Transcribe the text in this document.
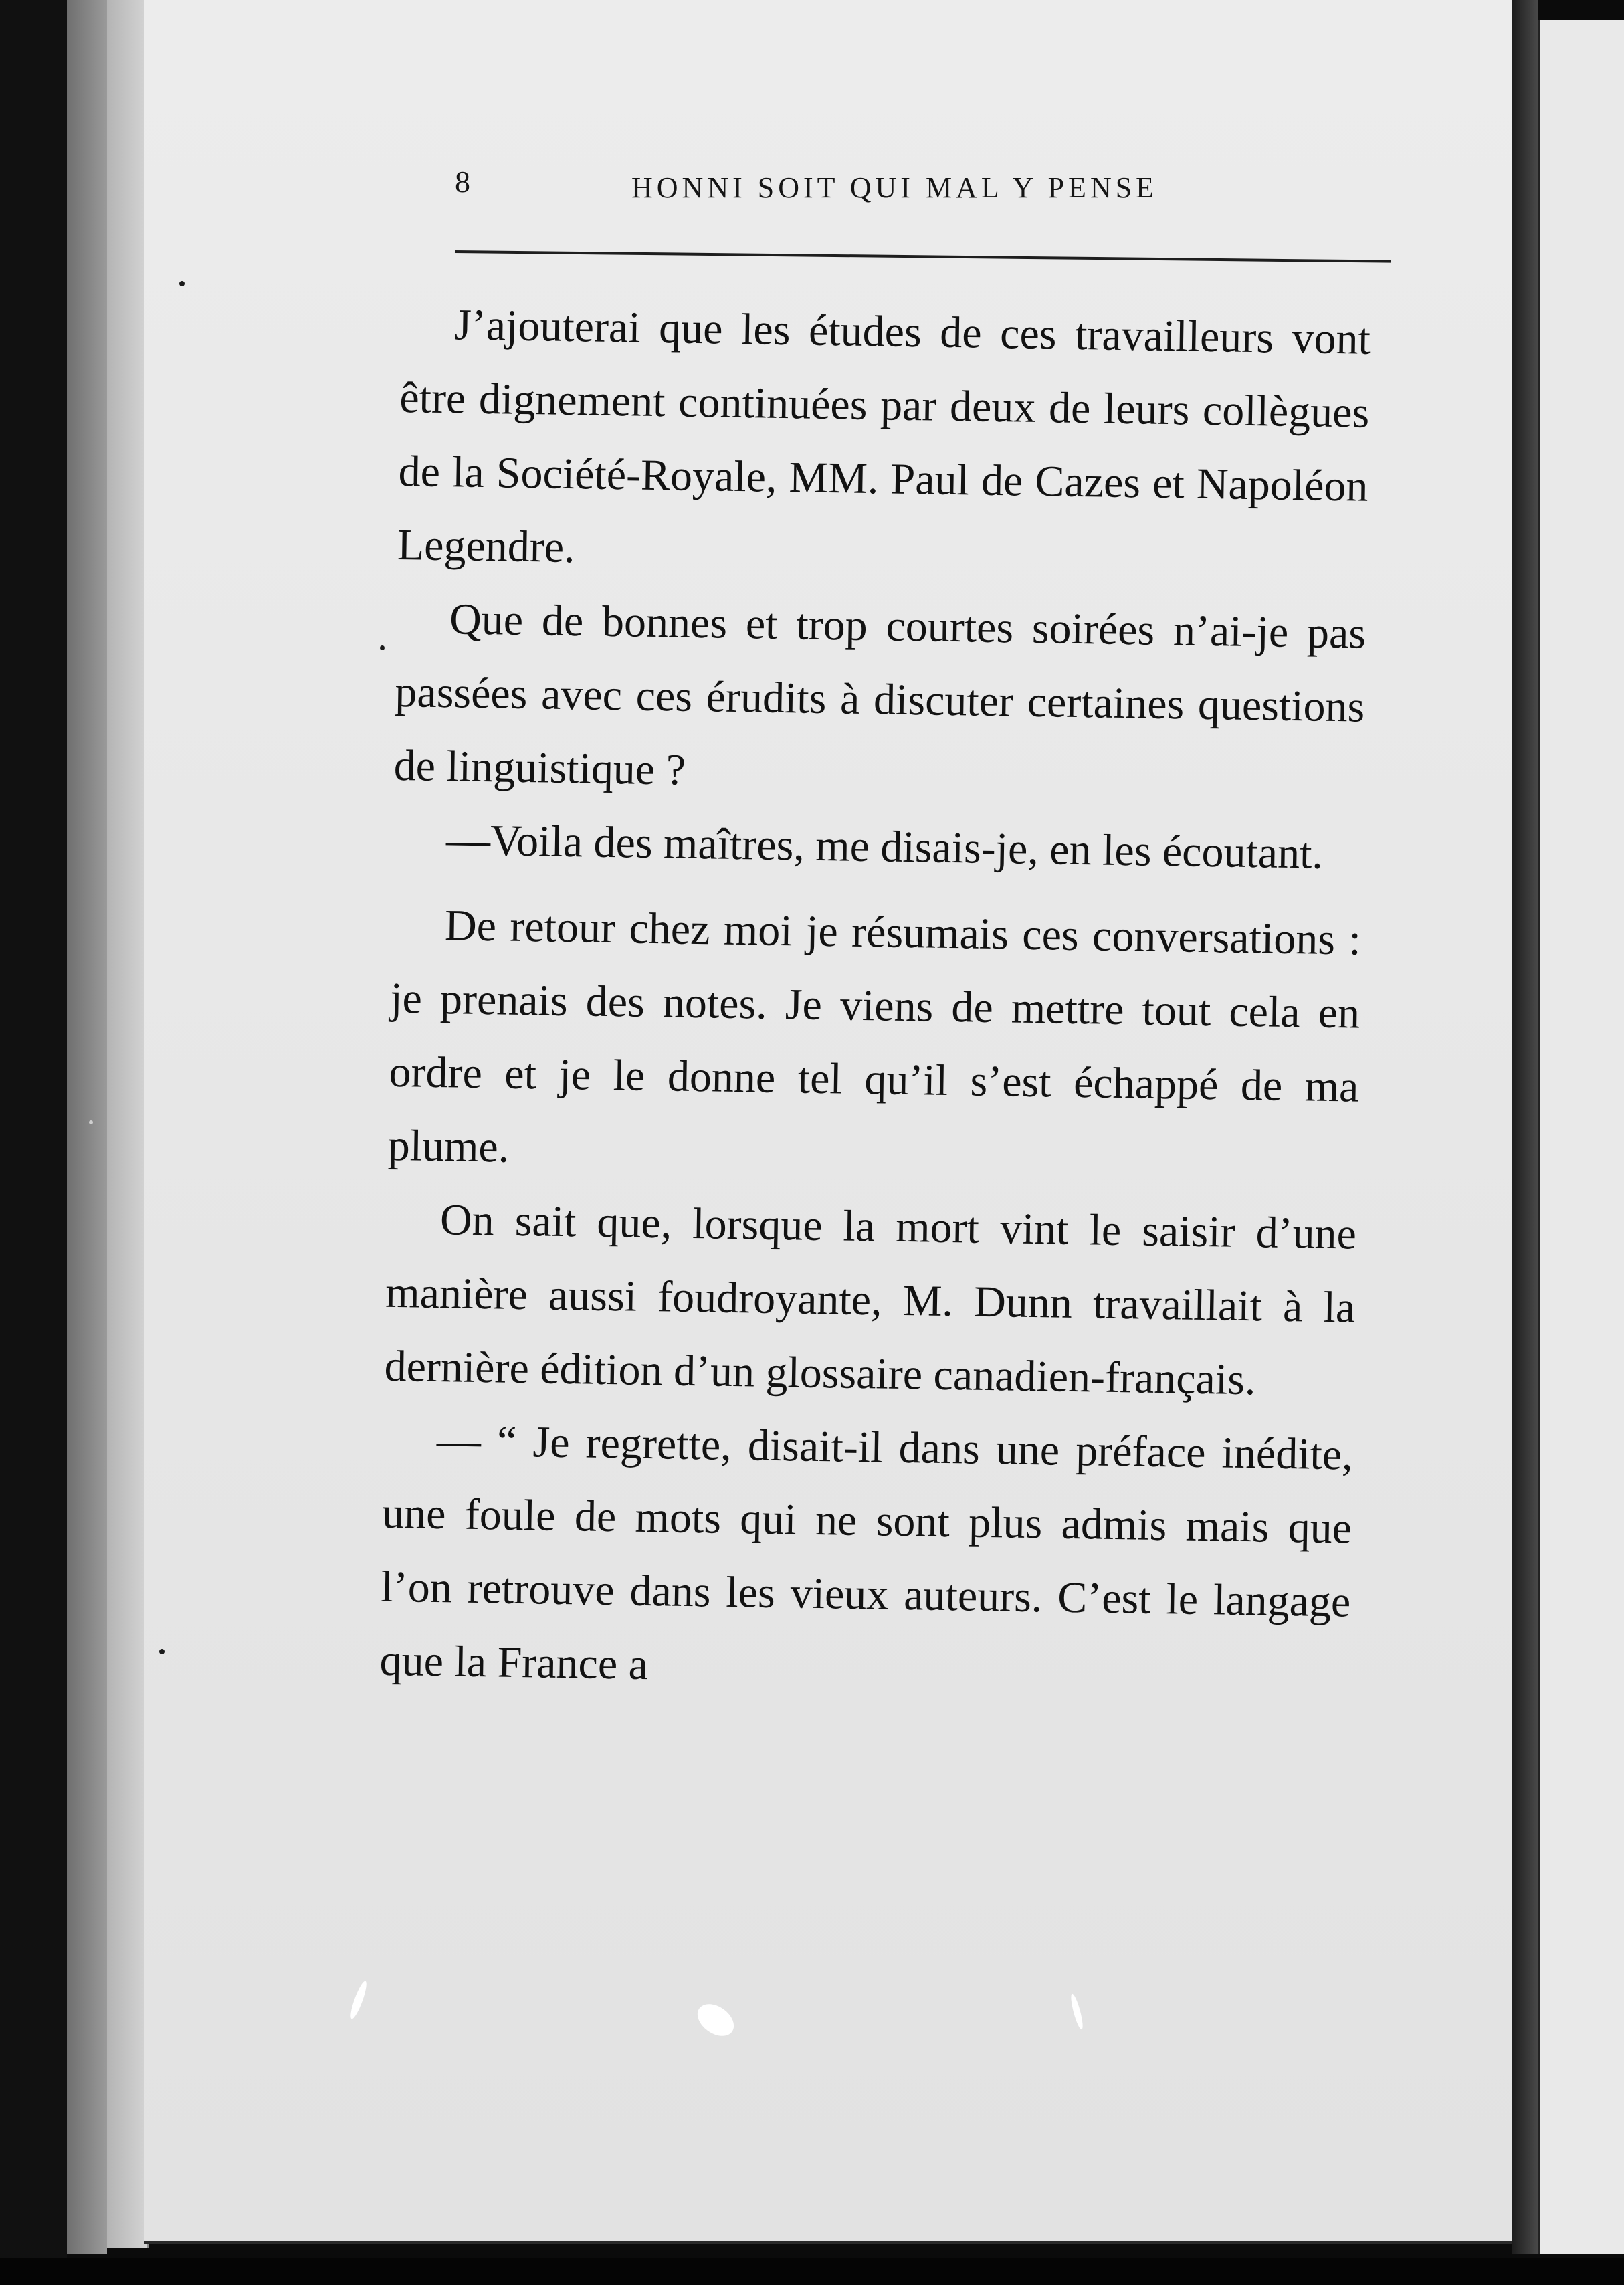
8	HONNI SOIT QUI MAL Y PENSE

J’ajouterai que les études de ces travailleurs vont être dignement continuées par deux de leurs collègues de la Société-Royale, MM. Paul de Cazes et Napoléon Legendre.

Que de bonnes et trop courtes soirées n’ai-je pas passées avec ces érudits à discuter certaines questions de linguistique ?

—Voila des maîtres, me disais-je, en les écoutant.

De retour chez moi je résumais ces conversations : je prenais des notes. Je viens de mettre tout cela en ordre et je le donne tel qu’il s’est échappé de ma plume.

On sait que, lorsque la mort vint le saisir d’une manière aussi foudroyante, M. Dunn travaillait à la dernière édition d’un glossaire canadien-français.

— “ Je regrette, disait-il dans une préface inédite, une foule de mots qui ne sont plus admis mais que l’on retrouve dans les vieux auteurs. C’est le langage que la France a
